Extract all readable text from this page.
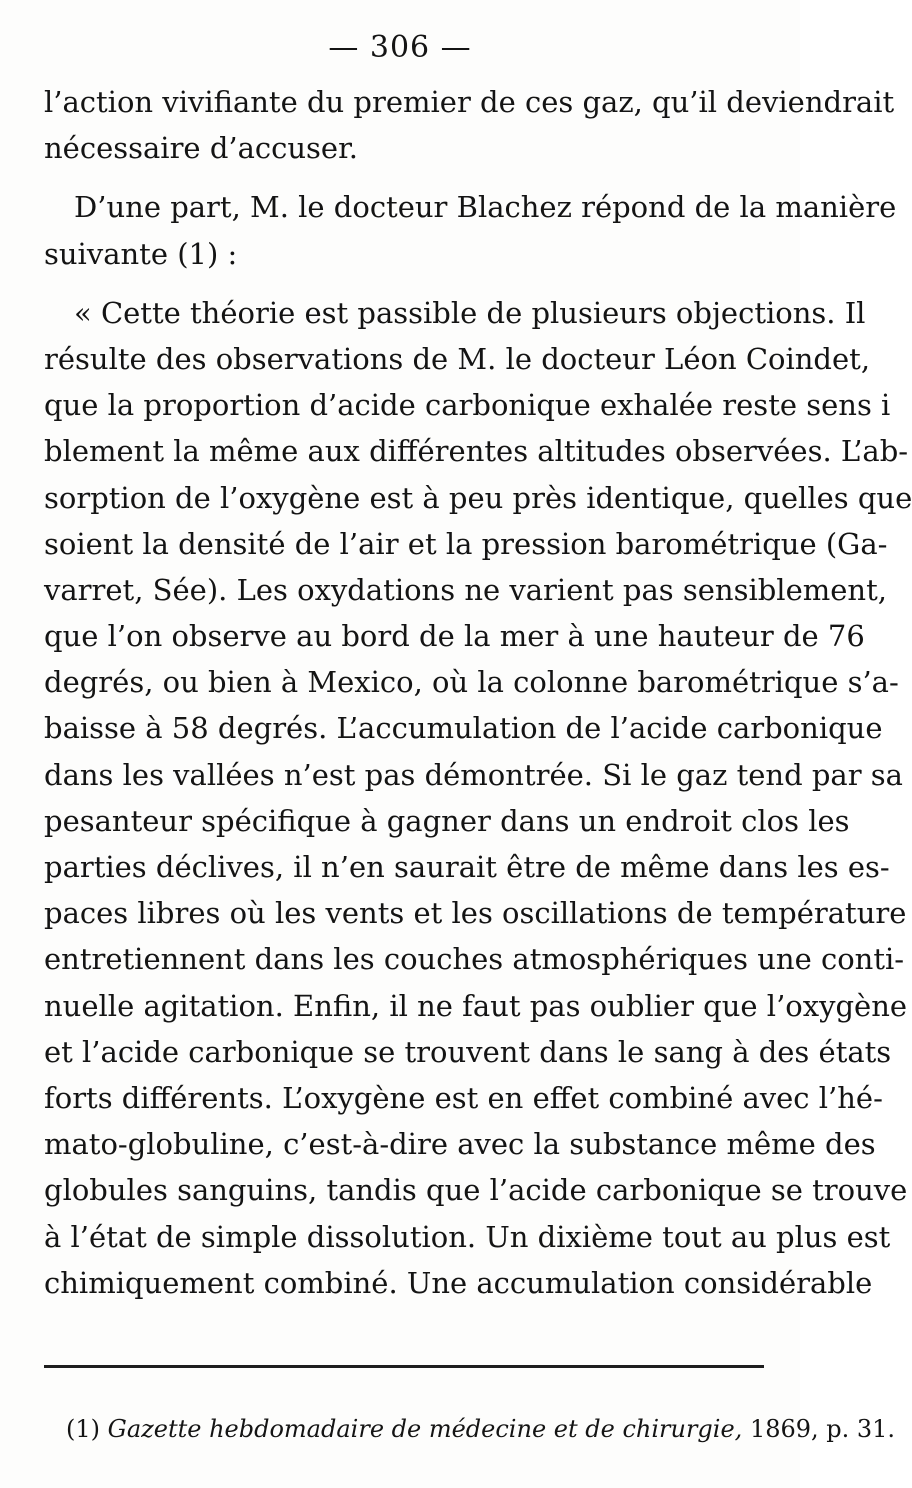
— 306 —
l’action vivifiante du premier de ces gaz, qu’il deviendrait
nécessaire d’accuser.
D’une part, M. le docteur Blachez répond de la manière
suivante (1) :
« Cette théorie est passible de plusieurs objections. Il
résulte des observations de M. le docteur Léon Coindet,
que la proportion d’acide carbonique exhalée reste sens i
blement la même aux différentes altitudes observées. L’ab-
sorption de l’oxygène est à peu près identique, quelles que
soient la densité de l’air et la pression barométrique (Ga-
varret, Sée). Les oxydations ne varient pas sensiblement,
que l’on observe au bord de la mer à une hauteur de 76
degrés, ou bien à Mexico, où la colonne barométrique s’a-
baisse à 58 degrés. L’accumulation de l’acide carbonique
dans les vallées n’est pas démontrée. Si le gaz tend par sa
pesanteur spécifique à gagner dans un endroit clos les
parties déclives, il n’en saurait être de même dans les es-
paces libres où les vents et les oscillations de température
entretiennent dans les couches atmosphériques une conti-
nuelle agitation. Enfin, il ne faut pas oublier que l’oxygène
et l’acide carbonique se trouvent dans le sang à des états
forts différents. L’oxygène est en effet combiné avec l’hé-
mato-globuline, c’est-à-dire avec la substance même des
globules sanguins, tandis que l’acide carbonique se trouve
à l’état de simple dissolution. Un dixième tout au plus est
chimiquement combiné. Une accumulation considérable
(1) Gazette hebdomadaire de médecine et de chirurgie, 1869, p. 31.
